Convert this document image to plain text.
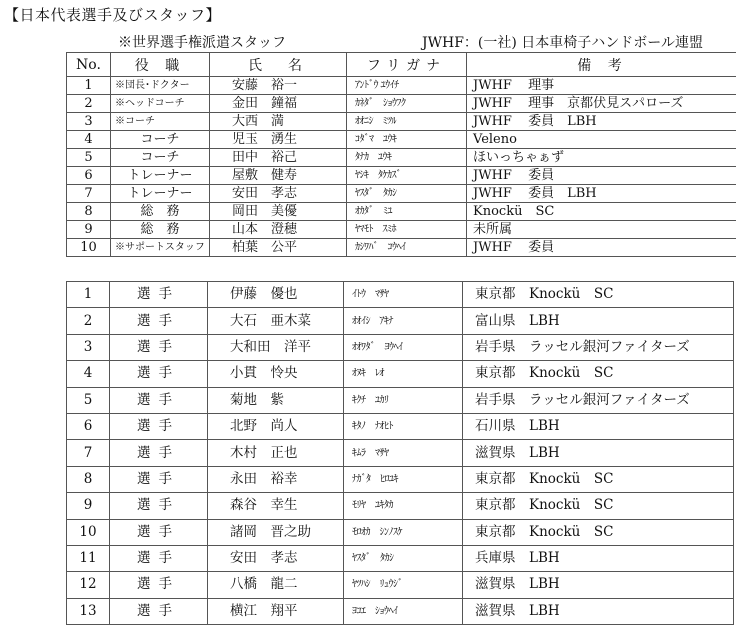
【日本代表選手及びスタッフ】
※世界選手権派遣スタッフ	JWHF：(一社) 日本車椅子ハンドボール連盟
No.	役 職	氏　名	フリガナ	備 考
1	※団長･ドクター	安藤　裕一	ｱﾝﾄﾞｳ ﾕｳｲﾁ	JWHF 理事
2	※ヘッドコーチ	金田　鐘福	ｶﾈﾀﾞ　ｼｮｳﾌｸ	JWHF 理事　京都伏見スパローズ
3	※コーチ	大西　満	ｵｵﾆｼ　ﾐﾂﾙ	JWHF 委員　LBH
4	コーチ	児玉　湧生	ｺﾀﾞﾏ　ﾕｳｷ	Veleno
5	コーチ	田中　裕己	ﾀﾅｶ　ﾕｳｷ	ほいっちゃぁず
6	トレーナー	屋敷　健寿	ﾔｼｷ　ﾀｹｶｽﾞ	JWHF 委員
7	トレーナー	安田　孝志	ﾔｽﾀﾞ　ﾀｶｼ	JWHF 委員　LBH
8	総　務	岡田　美優	ｵｶﾀﾞ　ﾐﾕ	Knockü　SC
9	総　務	山本　澄穂	ﾔﾏﾓﾄ　ｽﾐﾎ	未所属
10	※サポートスタッフ	柏葉　公平	ｶｼﾜﾊﾞ　ｺｳﾍｲ	JWHF 委員
1	選手	伊藤　優也	ｲﾄｳ　ﾏｻﾔ	東京都　Knockü　SC
2	選手	大石　亜木菜	ｵｵｲｼ　ｱｷﾅ	富山県　LBH
3	選手	大和田　洋平	ｵｵﾜﾀﾞ　ﾖｳﾍｲ	岩手県　ラッセル銀河ファイターズ
4	選手	小貫　怜央	ｵﾇｷ　ﾚｵ	東京都　Knockü　SC
5	選手	菊地　紫	ｷｸﾁ　ﾕｶﾘ	岩手県　ラッセル銀河ファイターズ
6	選手	北野　尚人	ｷﾀﾉ　ﾅｵﾋﾄ	石川県　LBH
7	選手	木村　正也	ｷﾑﾗ　ﾏｻﾔ	滋賀県　LBH
8	選手	永田　裕幸	ﾅｶﾞﾀ　ﾋﾛﾕｷ	東京都　Knockü　SC
9	選手	森谷　幸生	ﾓﾘﾔ　ﾕｷﾀｶ	東京都　Knockü　SC
10	選手	諸岡　晋之助	ﾓﾛｵｶ　ｼﾝﾉｽｹ	東京都　Knockü　SC
11	選手	安田　孝志	ﾔｽﾀﾞ　ﾀｶｼ	兵庫県　LBH
12	選手	八橋　龍二	ﾔﾂﾊｼ　ﾘｭｳｼﾞ	滋賀県　LBH
13	選手	横江　翔平	ﾖｺｴ　ｼｮｳﾍｲ	滋賀県　LBH
